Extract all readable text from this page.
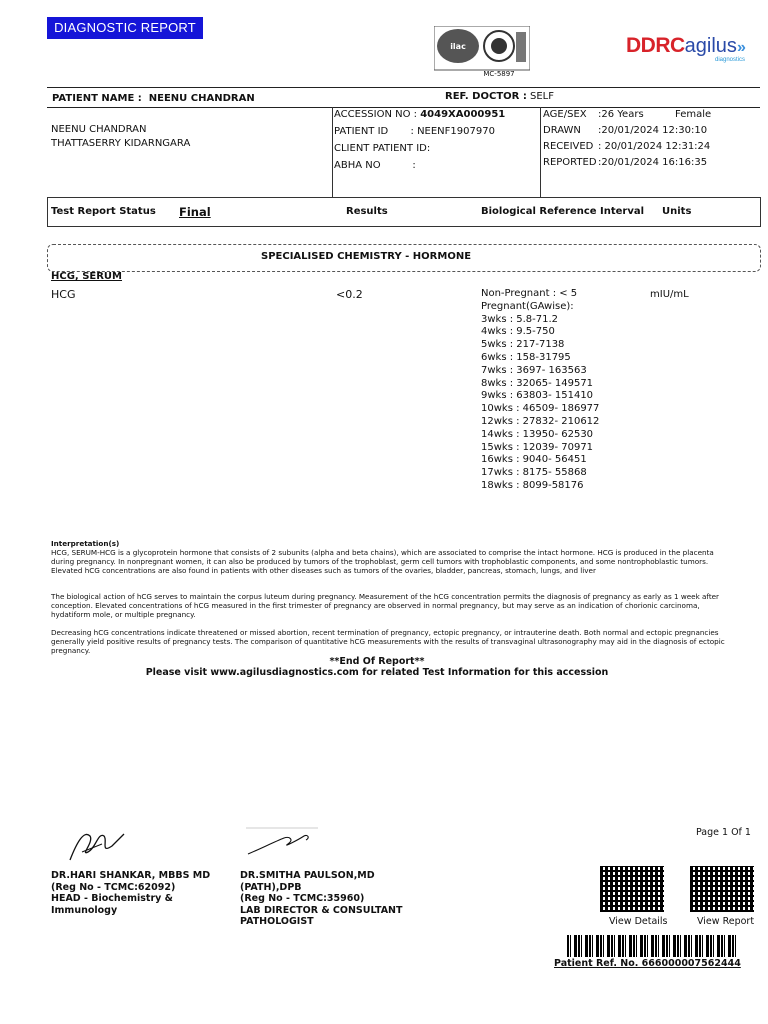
DIAGNOSTIC REPORT
ilac
MC-5897
DDRCagilus»
diagnostics
PATIENT NAME : NEENU CHANDRAN	REF. DOCTOR : SELF
NEENU CHANDRAN
THATTASERRY KIDARNGARA
ACCESSION NO : 4049XA000951
PATIENT ID : NEENF1907970
CLIENT PATIENT ID:
ABHA NO	:
AGE/SEX :26 Years	Female
DRAWN :20/01/2024 12:30:10
RECEIVED : 20/01/2024 12:31:24
REPORTED:20/01/2024 16:16:35
Test Report Status Final	Results	Biological Reference Interval Units
SPECIALISED CHEMISTRY - HORMONE
HCG, SERUM
HCG	<0.2	mIU/mL
Non-Pregnant : < 5
Pregnant(GAwise):
3wks : 5.8-71.2
4wks : 9.5-750
5wks : 217-7138
6wks : 158-31795
7wks : 3697- 163563
8wks : 32065- 149571
9wks : 63803- 151410
10wks : 46509- 186977
12wks : 27832- 210612
14wks : 13950- 62530
15wks : 12039- 70971
16wks : 9040- 56451
17wks : 8175- 55868
18wks : 8099-58176
Interpretation(s)
HCG, SERUM-HCG is a glycoprotein hormone that consists of 2 subunits (alpha and beta chains), which are associated to comprise the intact hormone. HCG is produced in the placenta during pregnancy. In nonpregnant women, it can also be produced by tumors of the trophoblast, germ cell tumors with trophoblastic components, and some nontrophoblastic tumors. Elevated hCG concentrations are also found in patients with other diseases such as tumors of the ovaries, bladder, pancreas, stomach, lungs, and liver
The biological action of hCG serves to maintain the corpus luteum during pregnancy. Measurement of the hCG concentration permits the diagnosis of pregnancy as early as 1 week after conception. Elevated concentrations of hCG measured in the first trimester of pregnancy are observed in normal pregnancy, but may serve as an indication of chorionic carcinoma, hydatiform mole, or multiple pregnancy.
Decreasing hCG concentrations indicate threatened or missed abortion, recent termination of pregnancy, ectopic pregnancy, or intrauterine death. Both normal and ectopic pregnancies generally yield positive results of pregnancy tests. The comparison of quantitative hCG measurements with the results of transvaginal ultrasonography may aid in the diagnosis of ectopic pregnancy.
**End Of Report**
Please visit www.agilusdiagnostics.com for related Test Information for this accession
Page 1 Of 1
DR.HARI SHANKAR, MBBS MD
(Reg No - TCMC:62092)
HEAD - Biochemistry &
Immunology
DR.SMITHA PAULSON,MD
(PATH),DPB
(Reg No - TCMC:35960)
LAB DIRECTOR & CONSULTANT
PATHOLOGIST	View Details	View Report
Patient Ref. No. 666000007562444
